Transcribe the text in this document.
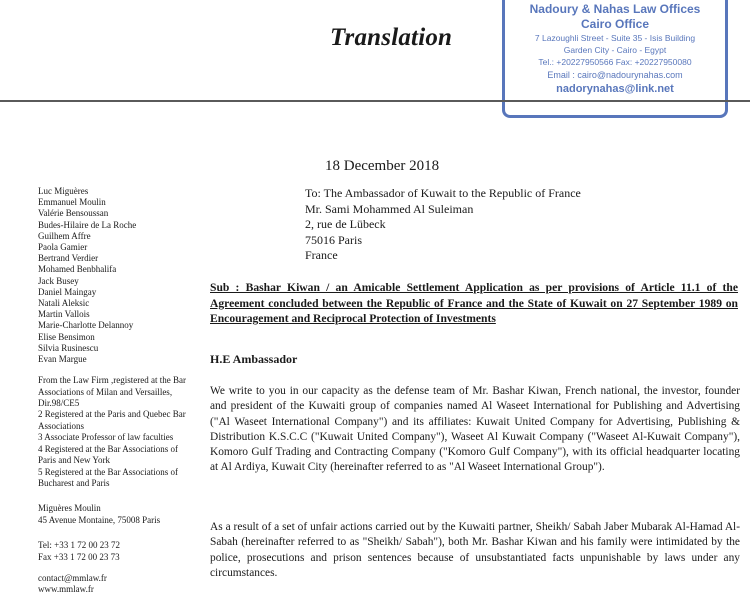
Translation
Nadoury & Nahas Law Offices
Cairo Office
7 Lazoughli Street - Suite 35 - Isis Building
Garden City - Cairo - Egypt
Tel.: +20227950566 Fax: +20227950080
Email : cairo@nadourynahas.com
nadorynahas@link.net
18 December 2018
To: The Ambassador of Kuwait to the Republic of France
Mr. Sami Mohammed Al Suleiman
2, rue de Lübeck
75016 Paris
France
Luc Miguères
Emmanuel Moulin
Valérie Bensoussan
Budes-Hilaire de La Roche
Guilhem Affre
Paola Gamier
Bertrand Verdier
Mohamed Benbhalifa
Jack Busey
Daniel Maingay
Natali Aleksic
Martin Vallois
Marie-Charlotte Delannoy
Elise Bensimon
Silvia Rusinescu
Evan Margue
From the Law Firm ,registered at the Bar
Associations of Milan and Versailles,
Dir.98/CE5
2 Registered at the Paris and Quebec Bar
Associations
3 Associate Professor of law faculties
4 Registered at the Bar Associations of
Paris and New York
5 Registered at the Bar Associations of
Bucharest and Paris
Miguères Moulin
45 Avenue Montaine, 75008 Paris
Tel: +33 1 72 00 23 72
Fax +33 1 72 00 23 73
contact@mmlaw.fr
www.mmlaw.fr
Sub : Bashar Kiwan / an Amicable Settlement Application as per provisions of Article 11.1 of the Agreement concluded between the Republic of France and the State of Kuwait on 27 September 1989 on Encouragement and Reciprocal Protection of Investments
H.E Ambassador
We write to you in our capacity as the defense team of Mr. Bashar Kiwan, French national, the investor, founder and president of the Kuwaiti group of companies named Al Waseet International for Publishing and Advertising ("Al Waseet International Company") and its affiliates: Kuwait United Company for Advertising, Publishing & Distribution K.S.C.C ("Kuwait United Company"), Waseet Al Kuwait Company ("Waseet Al-Kuwait Company"), Komoro Gulf Trading and Contracting Company ("Komoro Gulf Company"), with its official headquarter locating at Al Ardiya, Kuwait City (hereinafter referred to as "Al Waseet International Group").
As a result of a set of unfair actions carried out by the Kuwaiti partner, Sheikh/ Sabah Jaber Mubarak Al-Hamad Al-Sabah (hereinafter referred to as "Sheikh/ Sabah"), both Mr. Bashar Kiwan and his family were intimidated by the police, prosecutions and prison sentences because of unsubstantiated facts unpunishable by laws under any circumstances.
